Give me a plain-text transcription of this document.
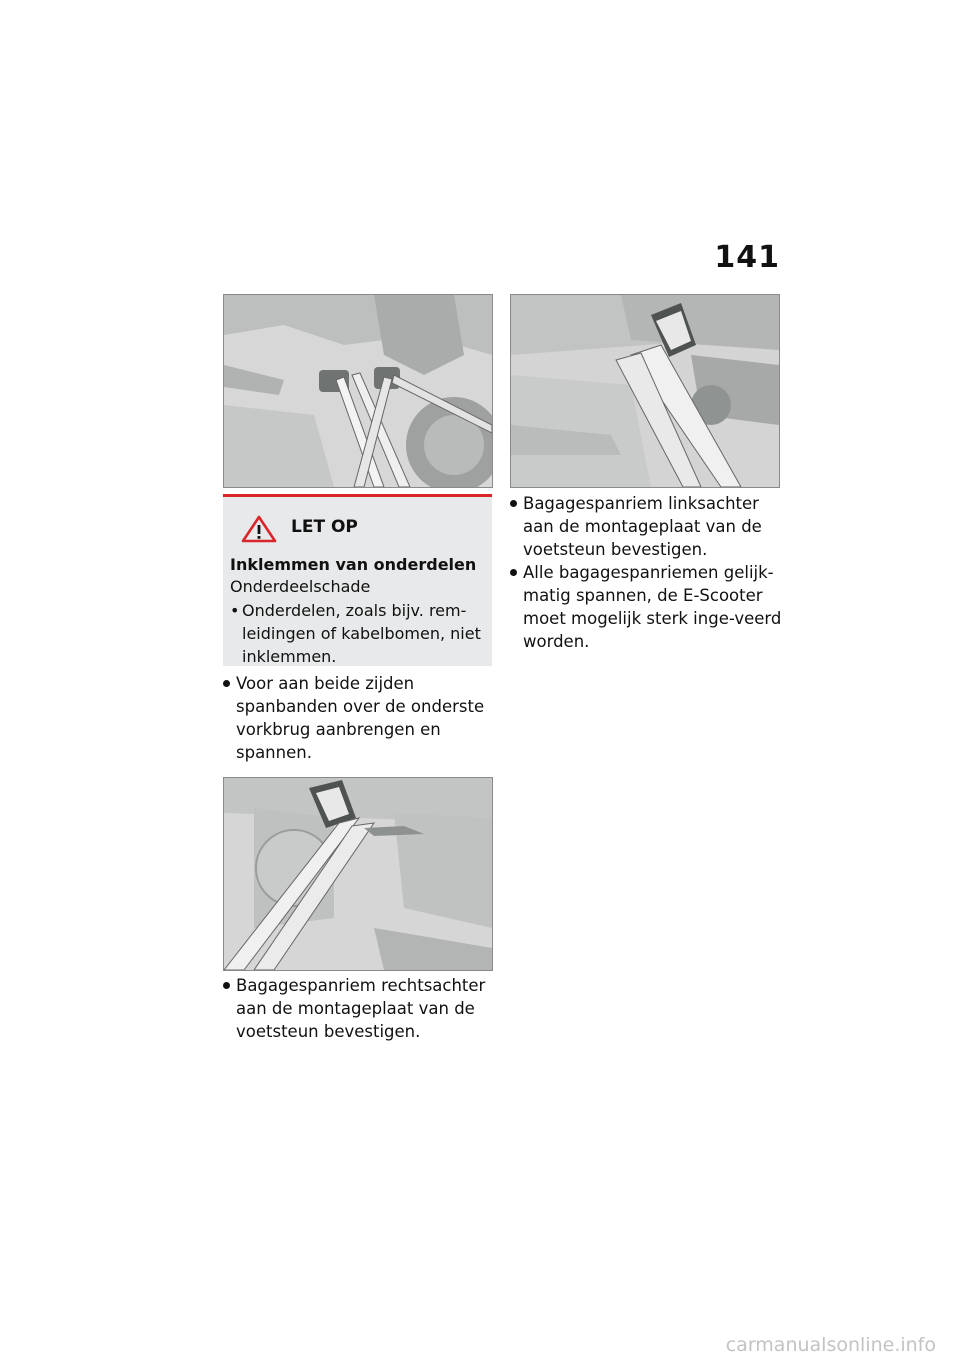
141
LET OP
Inklemmen van onderdelen
Onderdeelschade
• Onderdelen, zoals bijv. rem-leidingen of kabelbomen, niet inklemmen.
Voor aan beide zijden spanbanden over de onderste vorkbrug aanbrengen en spannen.
Bagagespanriem rechtsachter aan de montageplaat van de voetsteun bevestigen.
Bagagespanriem linksachter aan de montageplaat van de voetsteun bevestigen.
Alle bagagespanriemen gelijk-matig spannen, de E-Scooter moet mogelijk sterk inge-veerd worden.
carmanualsonline.info
